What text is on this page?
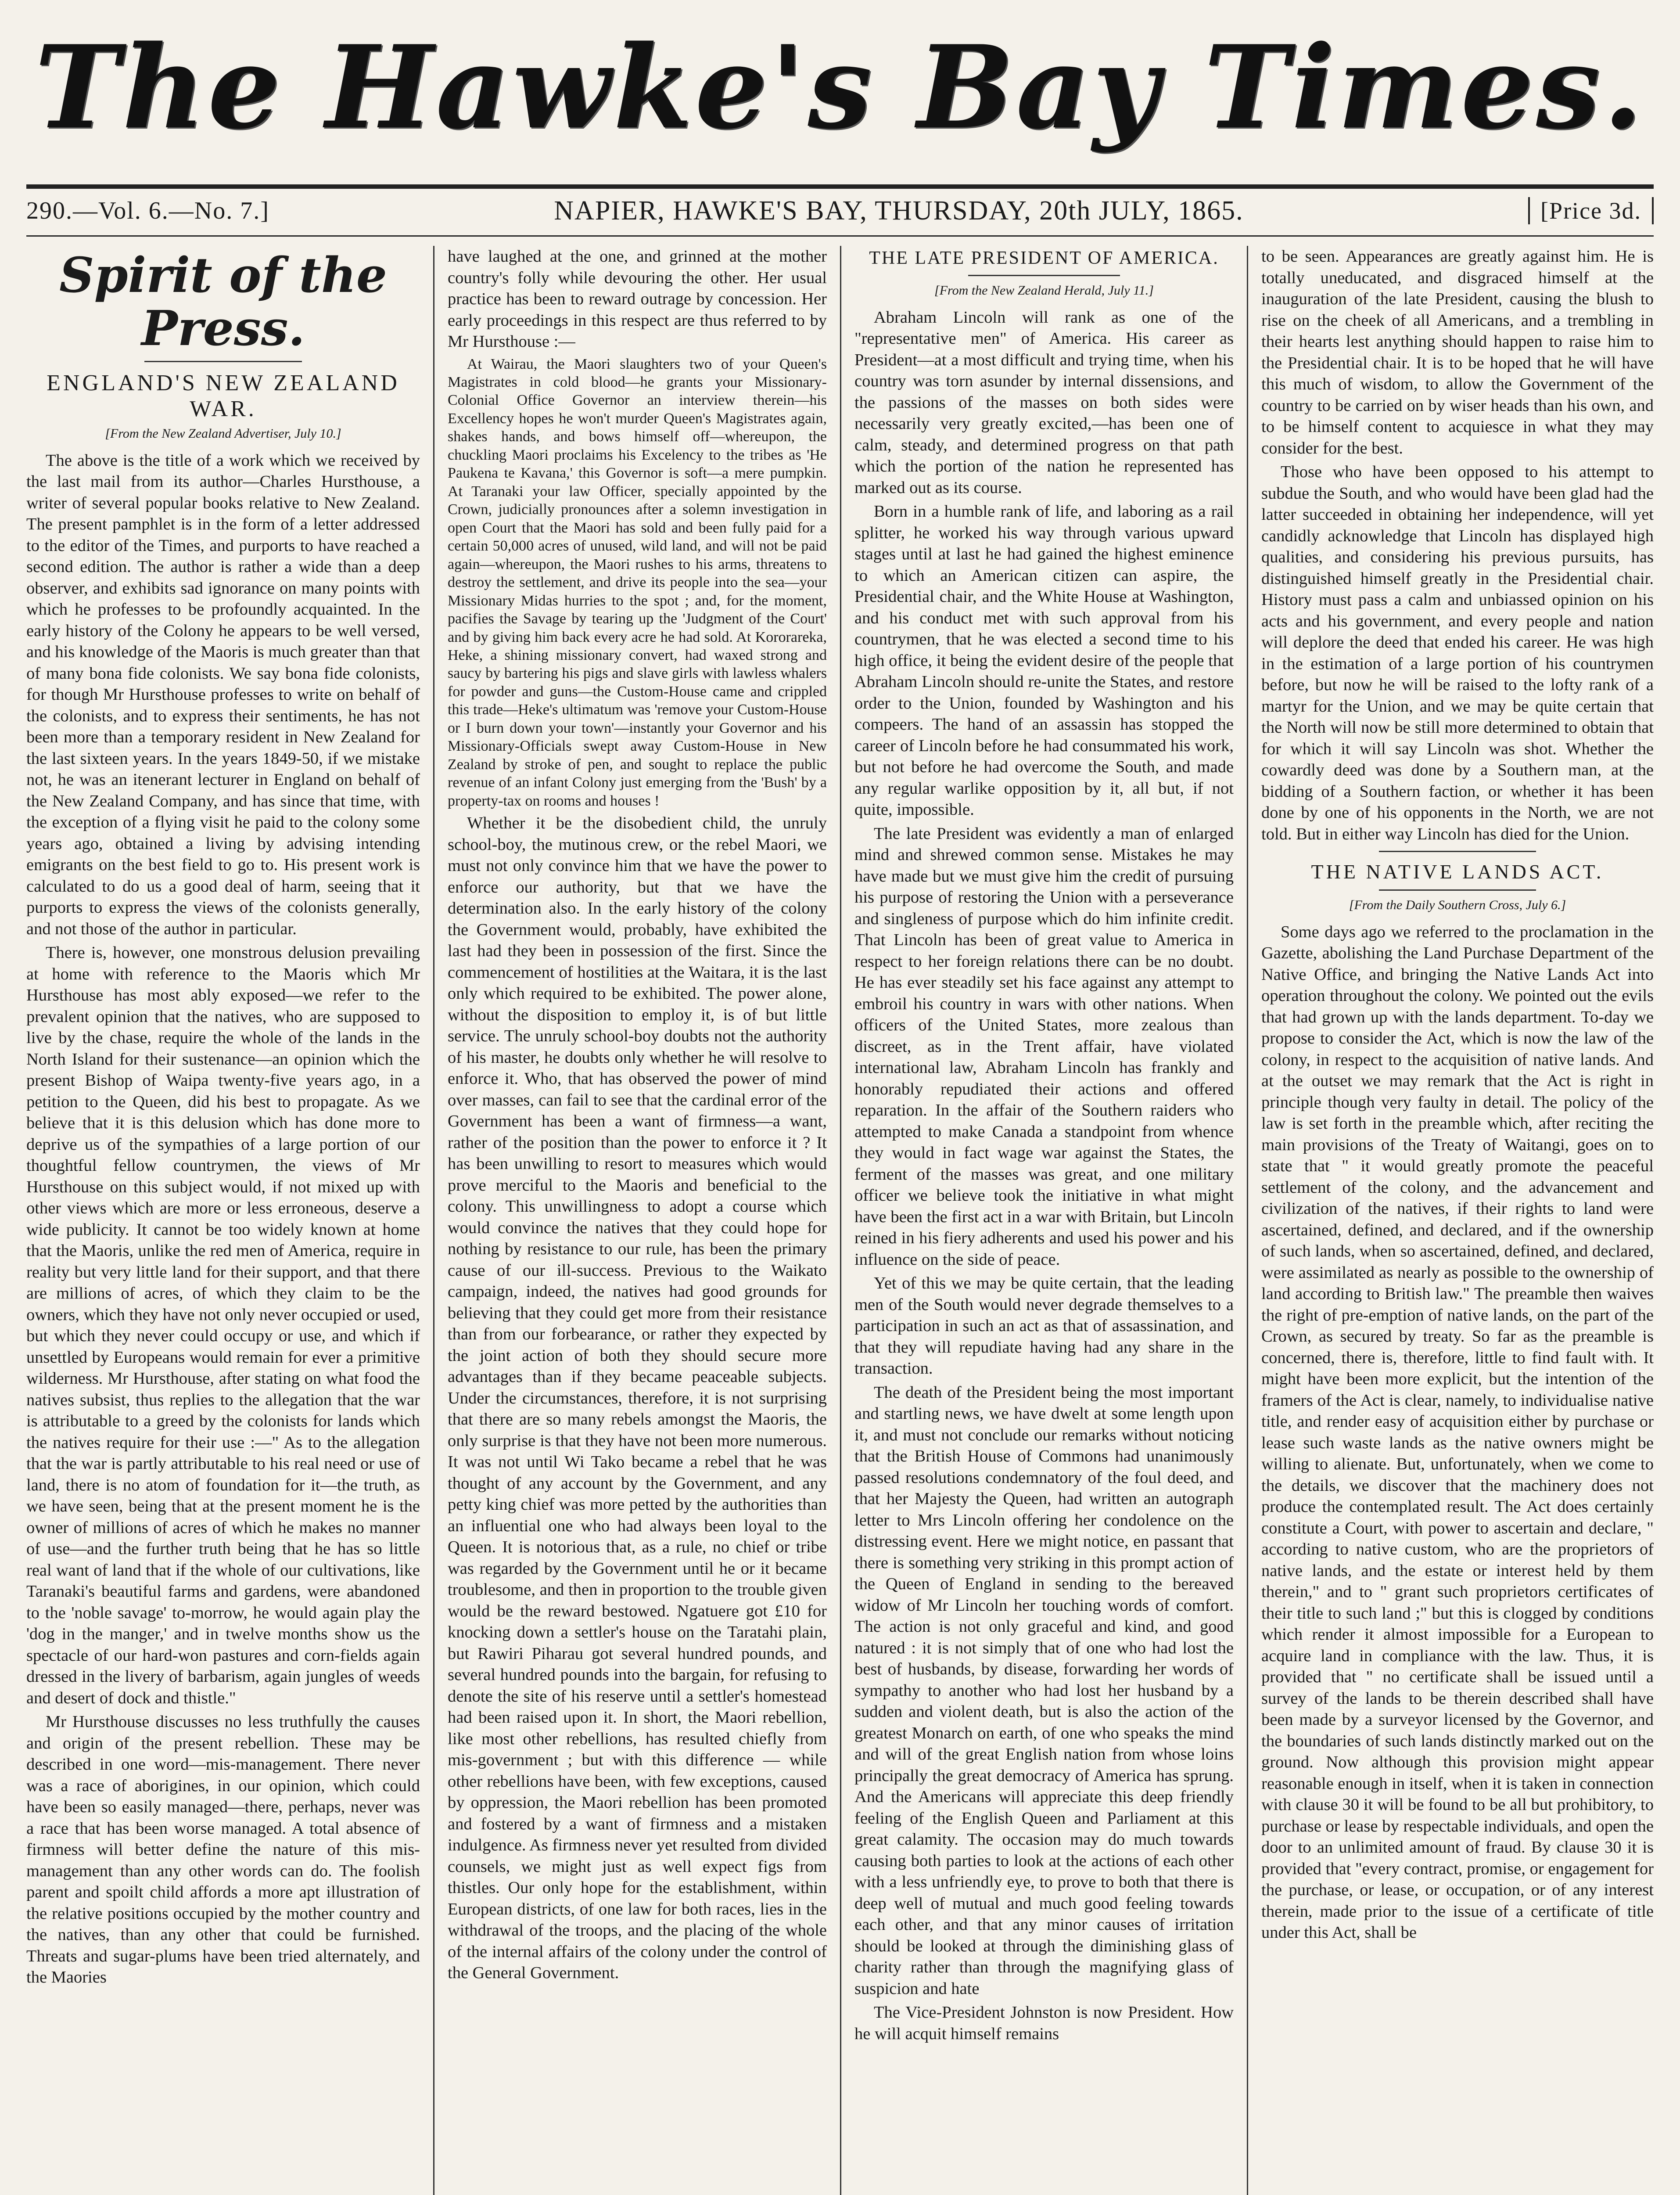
The Hawke's Bay Times.
290.—Vol. 6.—No. 7.]	NAPIER, HAWKE'S BAY, THURSDAY, 20th JULY, 1865.	[Price 3d.
Spirit of the Press.
ENGLAND'S NEW ZEALAND WAR.

[From the New Zealand Advertiser, July 10.]

The above is the title of a work which we received by the last mail from its author—Charles Hursthouse, a writer of several popular books relative to New Zealand. The present pamphlet is in the form of a letter addressed to the editor of the Times, and purports to have reached a second edition. The author is rather a wide than a deep observer, and exhibits sad ignorance on many points with which he professes to be profoundly acquainted. In the early history of the Colony he appears to be well versed, and his knowledge of the Maoris is much greater than that of many bona fide colonists. We say bona fide colonists, for though Mr Hursthouse professes to write on behalf of the colonists, and to express their sentiments, he has not been more than a temporary resident in New Zealand for the last sixteen years. In the years 1849-50, if we mistake not, he was an itenerant lecturer in England on behalf of the New Zealand Company, and has since that time, with the exception of a flying visit he paid to the colony some years ago, obtained a living by advising intending emigrants on the best field to go to. His present work is calculated to do us a good deal of harm, seeing that it purports to express the views of the colonists generally, and not those of the author in particular.

There is, however, one monstrous delusion prevailing at home with reference to the Maoris which Mr Hursthouse has most ably exposed—we refer to the prevalent opinion that the natives, who are supposed to live by the chase, require the whole of the lands in the North Island for their sustenance—an opinion which the present Bishop of Waipa twenty-five years ago, in a petition to the Queen, did his best to propagate. As we believe that it is this delusion which has done more to deprive us of the sympathies of a large portion of our thoughtful fellow countrymen, the views of Mr Hursthouse on this subject would, if not mixed up with other views which are more or less erroneous, deserve a wide publicity. It cannot be too widely known at home that the Maoris, unlike the red men of America, require in reality but very little land for their support, and that there are millions of acres, of which they claim to be the owners, which they have not only never occupied or used, but which they never could occupy or use, and which if unsettled by Europeans would remain for ever a primitive wilderness. Mr Hursthouse, after stating on what food the natives subsist, thus replies to the allegation that the war is attributable to a greed by the colonists for lands which the natives require for their use :—" As to the allegation that the war is partly attributable to his real need or use of land, there is no atom of foundation for it—the truth, as we have seen, being that at the present moment he is the owner of millions of acres of which he makes no manner of use—and the further truth being that he has so little real want of land that if the whole of our cultivations, like Taranaki's beautiful farms and gardens, were abandoned to the 'noble savage' to-morrow, he would again play the 'dog in the manger,' and in twelve months show us the spectacle of our hard-won pastures and corn-fields again dressed in the livery of barbarism, again jungles of weeds and desert of dock and thistle."

Mr Hursthouse discusses no less truthfully the causes and origin of the present rebellion. These may be described in one word—mis-management. There never was a race of aborigines, in our opinion, which could have been so easily managed—there, perhaps, never was a race that has been worse managed. A total absence of firmness will better define the nature of this mis-management than any other words can do. The foolish parent and spoilt child affords a more apt illustration of the relative positions occupied by the mother country and the natives, than any other that could be furnished. Threats and sugar-plums have been tried alternately, and the Maories

have laughed at the one, and grinned at the mother country's folly while devouring the other. Her usual practice has been to reward outrage by concession. Her early proceedings in this respect are thus referred to by Mr Hursthouse :—

At Wairau, the Maori slaughters two of your Queen's Magistrates in cold blood—he grants your Missionary-Colonial Office Governor an interview therein—his Excellency hopes he won't murder Queen's Magistrates again, shakes hands, and bows himself off—whereupon, the chuckling Maori proclaims his Excelency to the tribes as 'He Paukena te Kavana,' this Governor is soft—a mere pumpkin. At Taranaki your law Officer, specially appointed by the Crown, judicially pronounces after a solemn investigation in open Court that the Maori has sold and been fully paid for a certain 50,000 acres of unused, wild land, and will not be paid again—whereupon, the Maori rushes to his arms, threatens to destroy the settlement, and drive its people into the sea—your Missionary Midas hurries to the spot ; and, for the moment, pacifies the Savage by tearing up the 'Judgment of the Court' and by giving him back every acre he had sold. At Kororareka, Heke, a shining missionary convert, had waxed strong and saucy by bartering his pigs and slave girls with lawless whalers for powder and guns—the Custom-House came and crippled this trade—Heke's ultimatum was 'remove your Custom-House or I burn down your town'—instantly your Governor and his Missionary-Officials swept away Custom-House in New Zealand by stroke of pen, and sought to replace the public revenue of an infant Colony just emerging from the 'Bush' by a property-tax on rooms and houses !

Whether it be the disobedient child, the unruly school-boy, the mutinous crew, or the rebel Maori, we must not only convince him that we have the power to enforce our authority, but that we have the determination also. In the early history of the colony the Government would, probably, have exhibited the last had they been in possession of the first. Since the commencement of hostilities at the Waitara, it is the last only which required to be exhibited. The power alone, without the disposition to employ it, is of but little service. The unruly school-boy doubts not the authority of his master, he doubts only whether he will resolve to enforce it. Who, that has observed the power of mind over masses, can fail to see that the cardinal error of the Government has been a want of firmness—a want, rather of the position than the power to enforce it ? It has been unwilling to resort to measures which would prove merciful to the Maoris and beneficial to the colony. This unwillingness to adopt a course which would convince the natives that they could hope for nothing by resistance to our rule, has been the primary cause of our ill-success. Previous to the Waikato campaign, indeed, the natives had good grounds for believing that they could get more from their resistance than from our forbearance, or rather they expected by the joint action of both they should secure more advantages than if they became peaceable subjects. Under the circumstances, therefore, it is not surprising that there are so many rebels amongst the Maoris, the only surprise is that they have not been more numerous. It was not until Wi Tako became a rebel that he was thought of any account by the Government, and any petty king chief was more petted by the authorities than an influential one who had always been loyal to the Queen. It is notorious that, as a rule, no chief or tribe was regarded by the Government until he or it became troublesome, and then in proportion to the trouble given would be the reward bestowed. Ngatuere got £10 for knocking down a settler's house on the Taratahi plain, but Rawiri Piharau got several hundred pounds, and several hundred pounds into the bargain, for refusing to denote the site of his reserve until a settler's homestead had been raised upon it. In short, the Maori rebellion, like most other rebellions, has resulted chiefly from mis-government ; but with this difference — while other rebellions have been, with few exceptions, caused by oppression, the Maori rebellion has been promoted and fostered by a want of firmness and a mistaken indulgence. As firmness never yet resulted from divided counsels, we might just as well expect figs from thistles. Our only hope for the establishment, within European districts, of one law for both races, lies in the withdrawal of the troops, and the placing of the whole of the internal affairs of the colony under the control of the General Government.

THE LATE PRESIDENT OF AMERICA.

[From the New Zealand Herald, July 11.]

Abraham Lincoln will rank as one of the "representative men" of America. His career as President—at a most difficult and trying time, when his country was torn asunder by internal dissensions, and the passions of the masses on both sides were necessarily very greatly excited,—has been one of calm, steady, and determined progress on that path which the portion of the nation he represented has marked out as its course.

Born in a humble rank of life, and laboring as a rail splitter, he worked his way through various upward stages until at last he had gained the highest eminence to which an American citizen can aspire, the Presidential chair, and the White House at Washington, and his conduct met with such approval from his countrymen, that he was elected a second time to his high office, it being the evident desire of the people that Abraham Lincoln should re-unite the States, and restore order to the Union, founded by Washington and his compeers. The hand of an assassin has stopped the career of Lincoln before he had consummated his work, but not before he had overcome the South, and made any regular warlike opposition by it, all but, if not quite, impossible.

The late President was evidently a man of enlarged mind and shrewed common sense. Mistakes he may have made but we must give him the credit of pursuing his purpose of restoring the Union with a perseverance and singleness of purpose which do him infinite credit. That Lincoln has been of great value to America in respect to her foreign relations there can be no doubt. He has ever steadily set his face against any attempt to embroil his country in wars with other nations. When officers of the United States, more zealous than discreet, as in the Trent affair, have violated international law, Abraham Lincoln has frankly and honorably repudiated their actions and offered reparation. In the affair of the Southern raiders who attempted to make Canada a standpoint from whence they would in fact wage war against the States, the ferment of the masses was great, and one military officer we believe took the initiative in what might have been the first act in a war with Britain, but Lincoln reined in his fiery adherents and used his power and his influence on the side of peace.

Yet of this we may be quite certain, that the leading men of the South would never degrade themselves to a participation in such an act as that of assassination, and that they will repudiate having had any share in the transaction.

The death of the President being the most important and startling news, we have dwelt at some length upon it, and must not conclude our remarks without noticing that the British House of Commons had unanimously passed resolutions condemnatory of the foul deed, and that her Majesty the Queen, had written an autograph letter to Mrs Lincoln offering her condolence on the distressing event. Here we might notice, en passant that there is something very striking in this prompt action of the Queen of England in sending to the bereaved widow of Mr Lincoln her touching words of comfort. The action is not only graceful and kind, and good natured : it is not simply that of one who had lost the best of husbands, by disease, forwarding her words of sympathy to another who had lost her husband by a sudden and violent death, but is also the action of the greatest Monarch on earth, of one who speaks the mind and will of the great English nation from whose loins principally the great democracy of America has sprung. And the Americans will appreciate this deep friendly feeling of the English Queen and Parliament at this great calamity. The occasion may do much towards causing both parties to look at the actions of each other with a less unfriendly eye, to prove to both that there is deep well of mutual and much good feeling towards each other, and that any minor causes of irritation should be looked at through the diminishing glass of charity rather than through the magnifying glass of suspicion and hate

The Vice-President Johnston is now President. How he will acquit himself remains

to be seen. Appearances are greatly against him. He is totally uneducated, and disgraced himself at the inauguration of the late President, causing the blush to rise on the cheek of all Americans, and a trembling in their hearts lest anything should happen to raise him to the Presidential chair. It is to be hoped that he will have this much of wisdom, to allow the Government of the country to be carried on by wiser heads than his own, and to be himself content to acquiesce in what they may consider for the best.

Those who have been opposed to his attempt to subdue the South, and who would have been glad had the latter succeeded in obtaining her independence, will yet candidly acknowledge that Lincoln has displayed high qualities, and considering his previous pursuits, has distinguished himself greatly in the Presidential chair. History must pass a calm and unbiassed opinion on his acts and his government, and every people and nation will deplore the deed that ended his career. He was high in the estimation of a large portion of his countrymen before, but now he will be raised to the lofty rank of a martyr for the Union, and we may be quite certain that the North will now be still more determined to obtain that for which it will say Lincoln was shot. Whether the cowardly deed was done by a Southern man, at the bidding of a Southern faction, or whether it has been done by one of his opponents in the North, we are not told. But in either way Lincoln has died for the Union.

THE NATIVE LANDS ACT.

[From the Daily Southern Cross, July 6.]

Some days ago we referred to the proclamation in the Gazette, abolishing the Land Purchase Department of the Native Office, and bringing the Native Lands Act into operation throughout the colony. We pointed out the evils that had grown up with the lands department. To-day we propose to consider the Act, which is now the law of the colony, in respect to the acquisition of native lands. And at the outset we may remark that the Act is right in principle though very faulty in detail. The policy of the law is set forth in the preamble which, after reciting the main provisions of the Treaty of Waitangi, goes on to state that " it would greatly promote the peaceful settlement of the colony, and the advancement and civilization of the natives, if their rights to land were ascertained, defined, and declared, and if the ownership of such lands, when so ascertained, defined, and declared, were assimilated as nearly as possible to the ownership of land according to British law." The preamble then waives the right of pre-emption of native lands, on the part of the Crown, as secured by treaty. So far as the preamble is concerned, there is, therefore, little to find fault with. It might have been more explicit, but the intention of the framers of the Act is clear, namely, to individualise native title, and render easy of acquisition either by purchase or lease such waste lands as the native owners might be willing to alienate. But, unfortunately, when we come to the details, we discover that the machinery does not produce the contemplated result. The Act does certainly constitute a Court, with power to ascertain and declare, " according to native custom, who are the proprietors of native lands, and the estate or interest held by them therein," and to " grant such proprietors certificates of their title to such land ;" but this is clogged by conditions which render it almost impossible for a European to acquire land in compliance with the law. Thus, it is provided that " no certificate shall be issued until a survey of the lands to be therein described shall have been made by a surveyor licensed by the Governor, and the boundaries of such lands distinctly marked out on the ground. Now although this provision might appear reasonable enough in itself, when it is taken in connection with clause 30 it will be found to be all but prohibitory, to purchase or lease by respectable individuals, and open the door to an unlimited amount of fraud. By clause 30 it is provided that "every contract, promise, or engagement for the purchase, or lease, or occupation, or of any interest therein, made prior to the issue of a certificate of title under this Act, shall be
